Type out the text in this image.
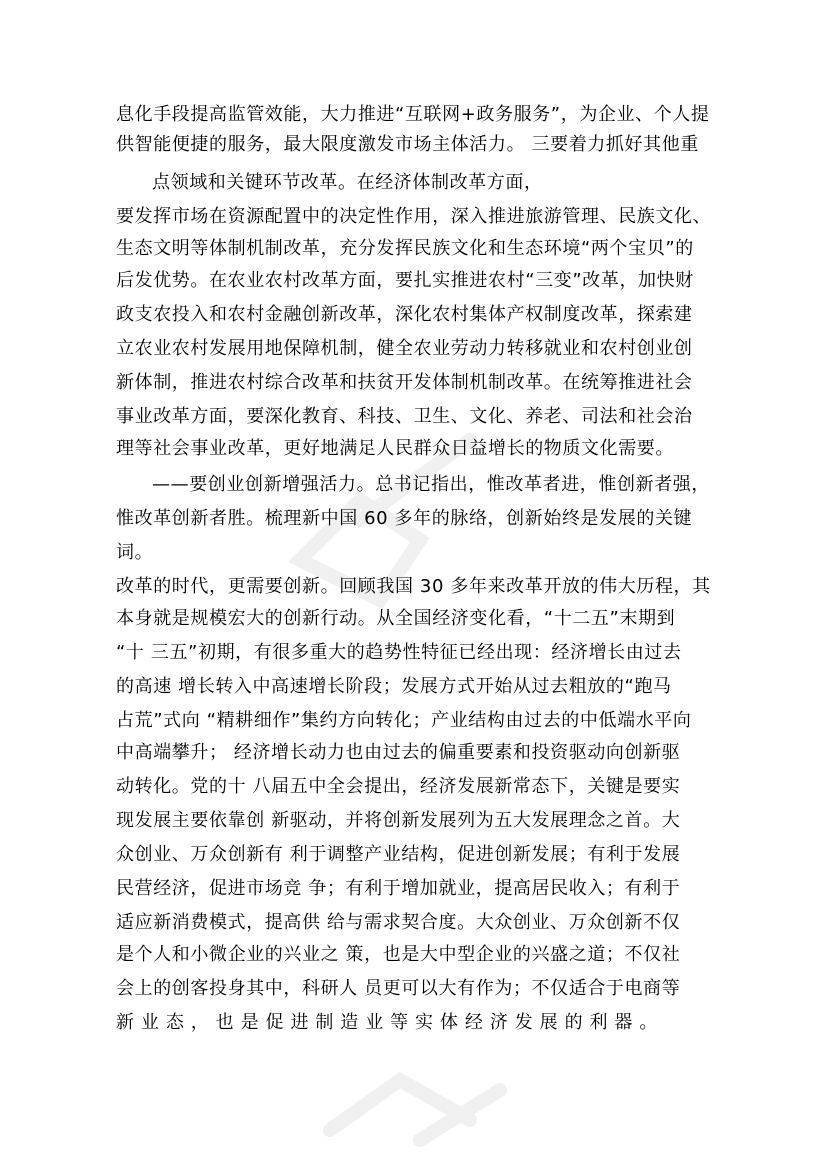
息化手段提高监管效能，大力推进“互联网+政务服务”，为企业、个人提
供智能便捷的服务，最大限度激发市场主体活力。 三要着力抓好其他重
点领域和关键环节改革。在经济体制改革方面，
要发挥市场在资源配置中的决定性作用，深入推进旅游管理、民族文化、
生态文明等体制机制改革，充分发挥民族文化和生态环境“两个宝贝”的
后发优势。在农业农村改革方面，要扎实推进农村“三变”改革，加快财
政支农投入和农村金融创新改革，深化农村集体产权制度改革，探索建
立农业农村发展用地保障机制，健全农业劳动力转移就业和农村创业创
新体制，推进农村综合改革和扶贫开发体制机制改革。在统筹推进社会
事业改革方面，要深化教育、科技、卫生、文化、养老、司法和社会治
理等社会事业改革，更好地满足人民群众日益增长的物质文化需要。
——要创业创新增强活力。总书记指出，惟改革者进，惟创新者强，
惟改革创新者胜。梳理新中国 60 多年的脉络，创新始终是发展的关键
词。
改革的时代，更需要创新。回顾我国 30 多年来改革开放的伟大历程，其
本身就是规模宏大的创新行动。从全国经济变化看，“十二五”末期到
“十 三五”初期，有很多重大的趋势性特征已经出现：经济增长由过去
的高速 增长转入中高速增长阶段；发展方式开始从过去粗放的“跑马
占荒”式向 “精耕细作”集约方向转化；产业结构由过去的中低端水平向
中高端攀升； 经济增长动力也由过去的偏重要素和投资驱动向创新驱
动转化。党的十 八届五中全会提出，经济发展新常态下，关键是要实
现发展主要依靠创 新驱动，并将创新发展列为五大发展理念之首。大
众创业、万众创新有 利于调整产业结构，促进创新发展；有利于发展
民营经济，促进市场竞 争；有利于增加就业，提高居民收入；有利于
适应新消费模式，提高供 给与需求契合度。大众创业、万众创新不仅
是个人和小微企业的兴业之 策，也是大中型企业的兴盛之道；不仅社
会上的创客投身其中，科研人 员更可以大有作为；不仅适合于电商等
新 业 态 ， 也 是 促 进 制 造 业 等 实 体 经 济 发 展 的 利 器 。
